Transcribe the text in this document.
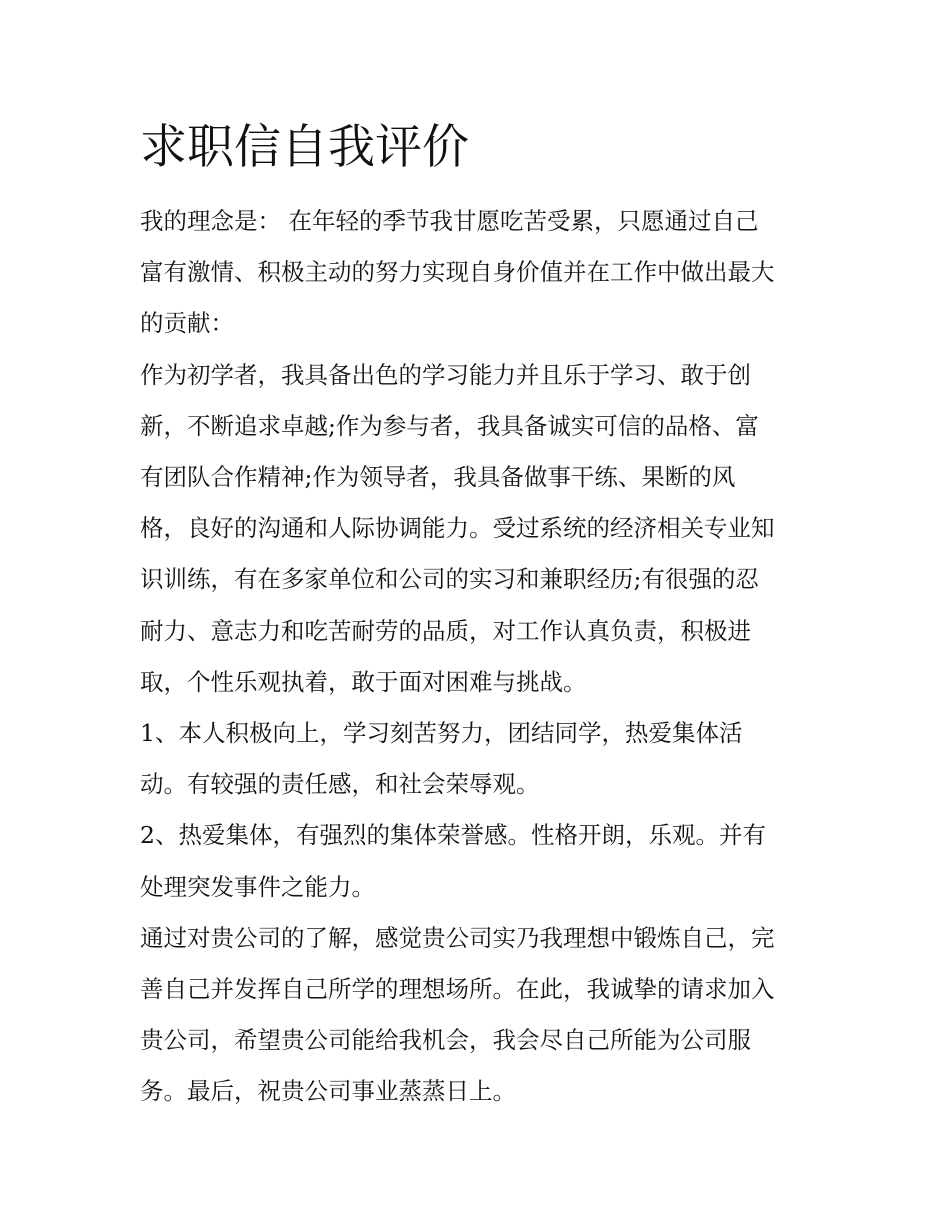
求职信自我评价

我的理念是： 在年轻的季节我甘愿吃苦受累，只愿通过自己
富有激情、积极主动的努力实现自身价值并在工作中做出最大
的贡献：

作为初学者，我具备出色的学习能力并且乐于学习、敢于创
新，不断追求卓越;作为参与者，我具备诚实可信的品格、富
有团队合作精神;作为领导者，我具备做事干练、果断的风
格，良好的沟通和人际协调能力。受过系统的经济相关专业知
识训练，有在多家单位和公司的实习和兼职经历;有很强的忍
耐力、意志力和吃苦耐劳的品质，对工作认真负责，积极进
取，个性乐观执着，敢于面对困难与挑战。

1、本人积极向上，学习刻苦努力，团结同学，热爱集体活
动。有较强的责任感，和社会荣辱观。

2、热爱集体，有强烈的集体荣誉感。性格开朗，乐观。并有
处理突发事件之能力。

通过对贵公司的了解，感觉贵公司实乃我理想中锻炼自己，完
善自己并发挥自己所学的理想场所。在此，我诚挚的请求加入
贵公司，希望贵公司能给我机会，我会尽自己所能为公司服
务。最后，祝贵公司事业蒸蒸日上。
